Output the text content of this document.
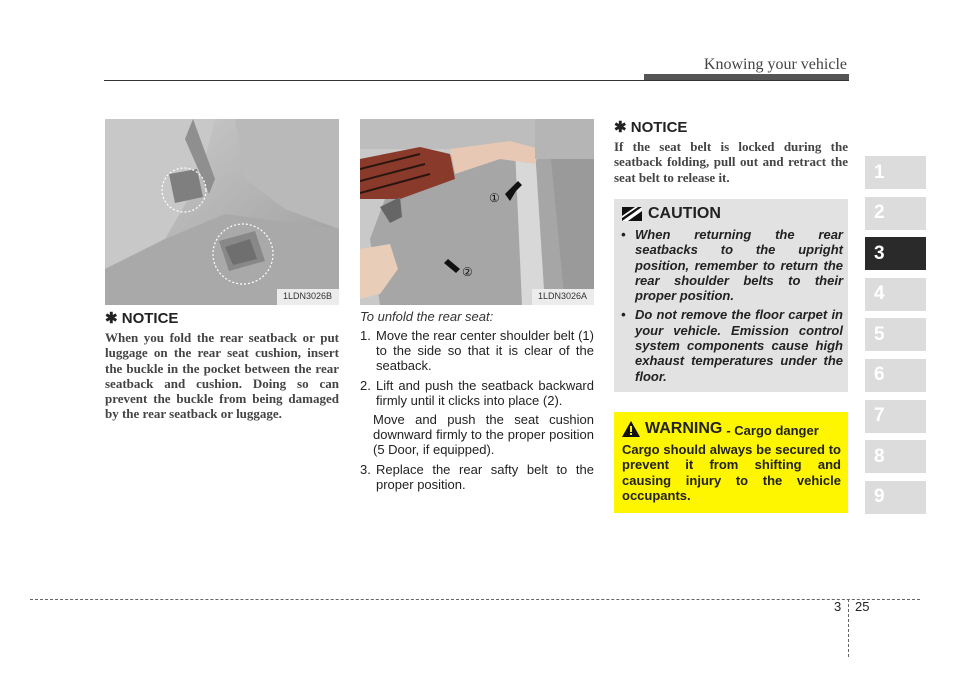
Knowing your vehicle
1LDN3026B
✱ NOTICE
When you fold the rear seatback or put luggage on the rear seat cushion, insert the buckle in the pocket between the rear seatback and cushion. Doing so can prevent the buckle from being damaged by the rear seatback or luggage.
①
②
1LDN3026A
To unfold the rear seat:
1. Move the rear center shoulder belt (1) to the side so that it is clear of the seatback.
2. Lift and push the seatback backward firmly until it clicks into place (2).
Move and push the seat cushion downward firmly to the proper position (5 Door, if equipped).
3. Replace the rear safty belt to the proper position.
✱ NOTICE
If the seat belt is locked during the seatback folding, pull out and retract the seat belt to release it.
CAUTION
• When returning the rear seatbacks to the upright position, remember to return the rear shoulder belts to their proper position.
• Do not remove the floor carpet in your vehicle. Emission control system components cause high exhaust temperatures under the floor.
WARNING - Cargo danger
Cargo should always be secured to prevent it from shifting and causing injury to the vehicle occupants.
1
2
3
4
5
6
7
8
9
3 25
